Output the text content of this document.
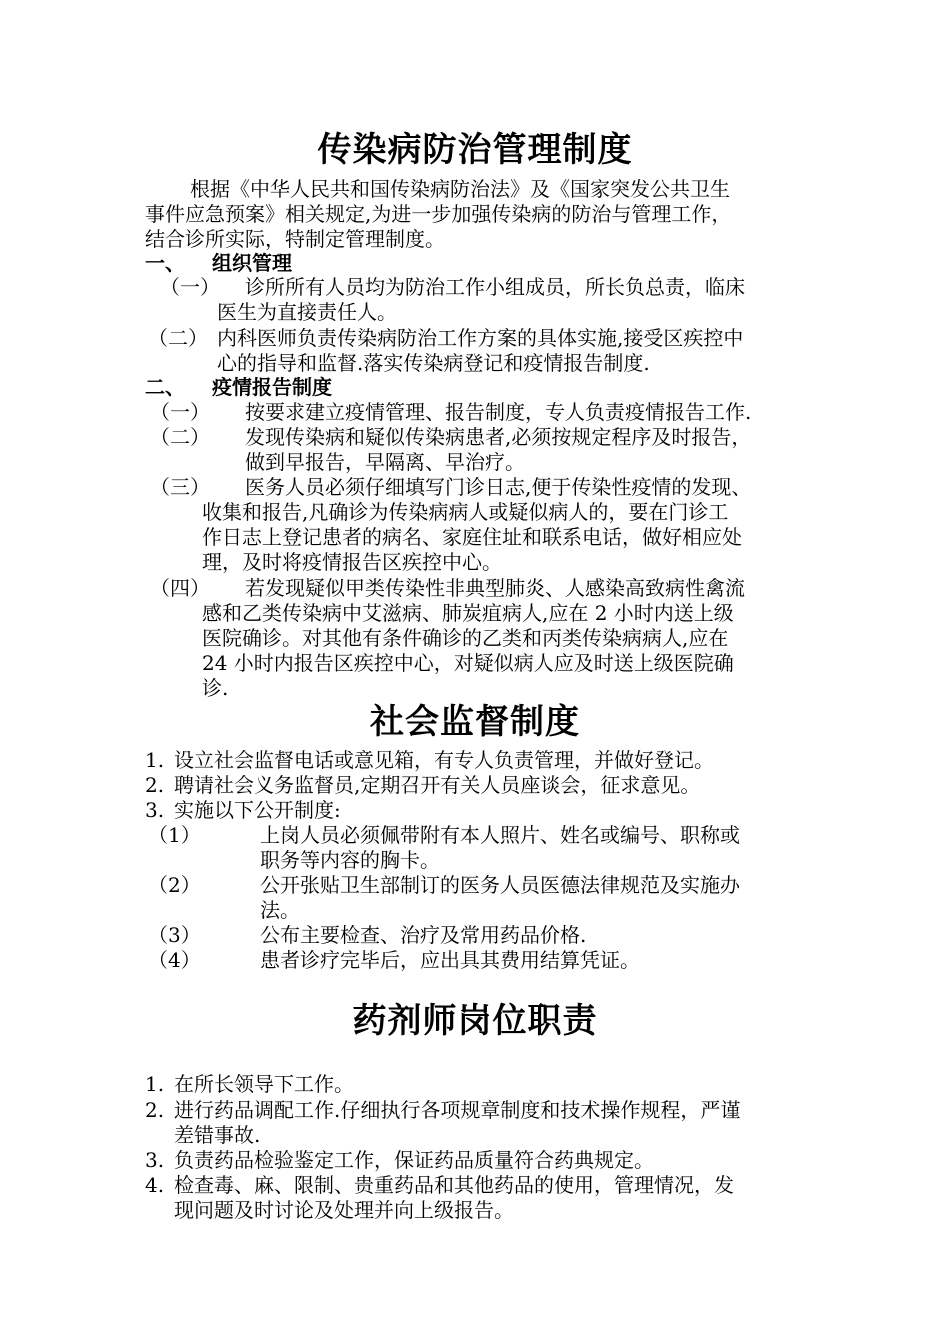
传染病防治管理制度
根据《中华人民共和国传染病防治法》及《国家突发公共卫生
事件应急预案》相关规定,为进一步加强传染病的防治与管理工作，
结合诊所实际，特制定管理制度。
一、 组织管理
（一） 诊所所有人员均为防治工作小组成员，所长负总责，临床
医生为直接责任人。
（二） 内科医师负责传染病防治工作方案的具体实施,接受区疾控中
心的指导和监督.落实传染病登记和疫情报告制度.
二、 疫情报告制度
（一） 按要求建立疫情管理、报告制度，专人负责疫情报告工作.
（二） 发现传染病和疑似传染病患者,必须按规定程序及时报告，
做到早报告，早隔离、早治疗。
（三） 医务人员必须仔细填写门诊日志,便于传染性疫情的发现、
收集和报告,凡确诊为传染病病人或疑似病人的，要在门诊工
作日志上登记患者的病名、家庭住址和联系电话，做好相应处
理，及时将疫情报告区疾控中心。
（四） 若发现疑似甲类传染性非典型肺炎、人感染高致病性禽流
感和乙类传染病中艾滋病、肺炭疽病人,应在 2 小时内送上级
医院确诊。对其他有条件确诊的乙类和丙类传染病病人,应在
24 小时内报告区疾控中心，对疑似病人应及时送上级医院确
诊.
社会监督制度
1. 设立社会监督电话或意见箱，有专人负责管理，并做好登记。
2. 聘请社会义务监督员,定期召开有关人员座谈会，征求意见。
3. 实施以下公开制度:
（1）	上岗人员必须佩带附有本人照片、姓名或编号、职称或
职务等内容的胸卡。
（2）	公开张贴卫生部制订的医务人员医德法律规范及实施办
法。
（3）	公布主要检查、治疗及常用药品价格.
（4）	患者诊疗完毕后，应出具其费用结算凭证。
药剂师岗位职责
1. 在所长领导下工作。
2. 进行药品调配工作.仔细执行各项规章制度和技术操作规程，严谨
差错事故.
3. 负责药品检验鉴定工作，保证药品质量符合药典规定。
4. 检查毒、麻、限制、贵重药品和其他药品的使用，管理情况，发
现问题及时讨论及处理并向上级报告。
